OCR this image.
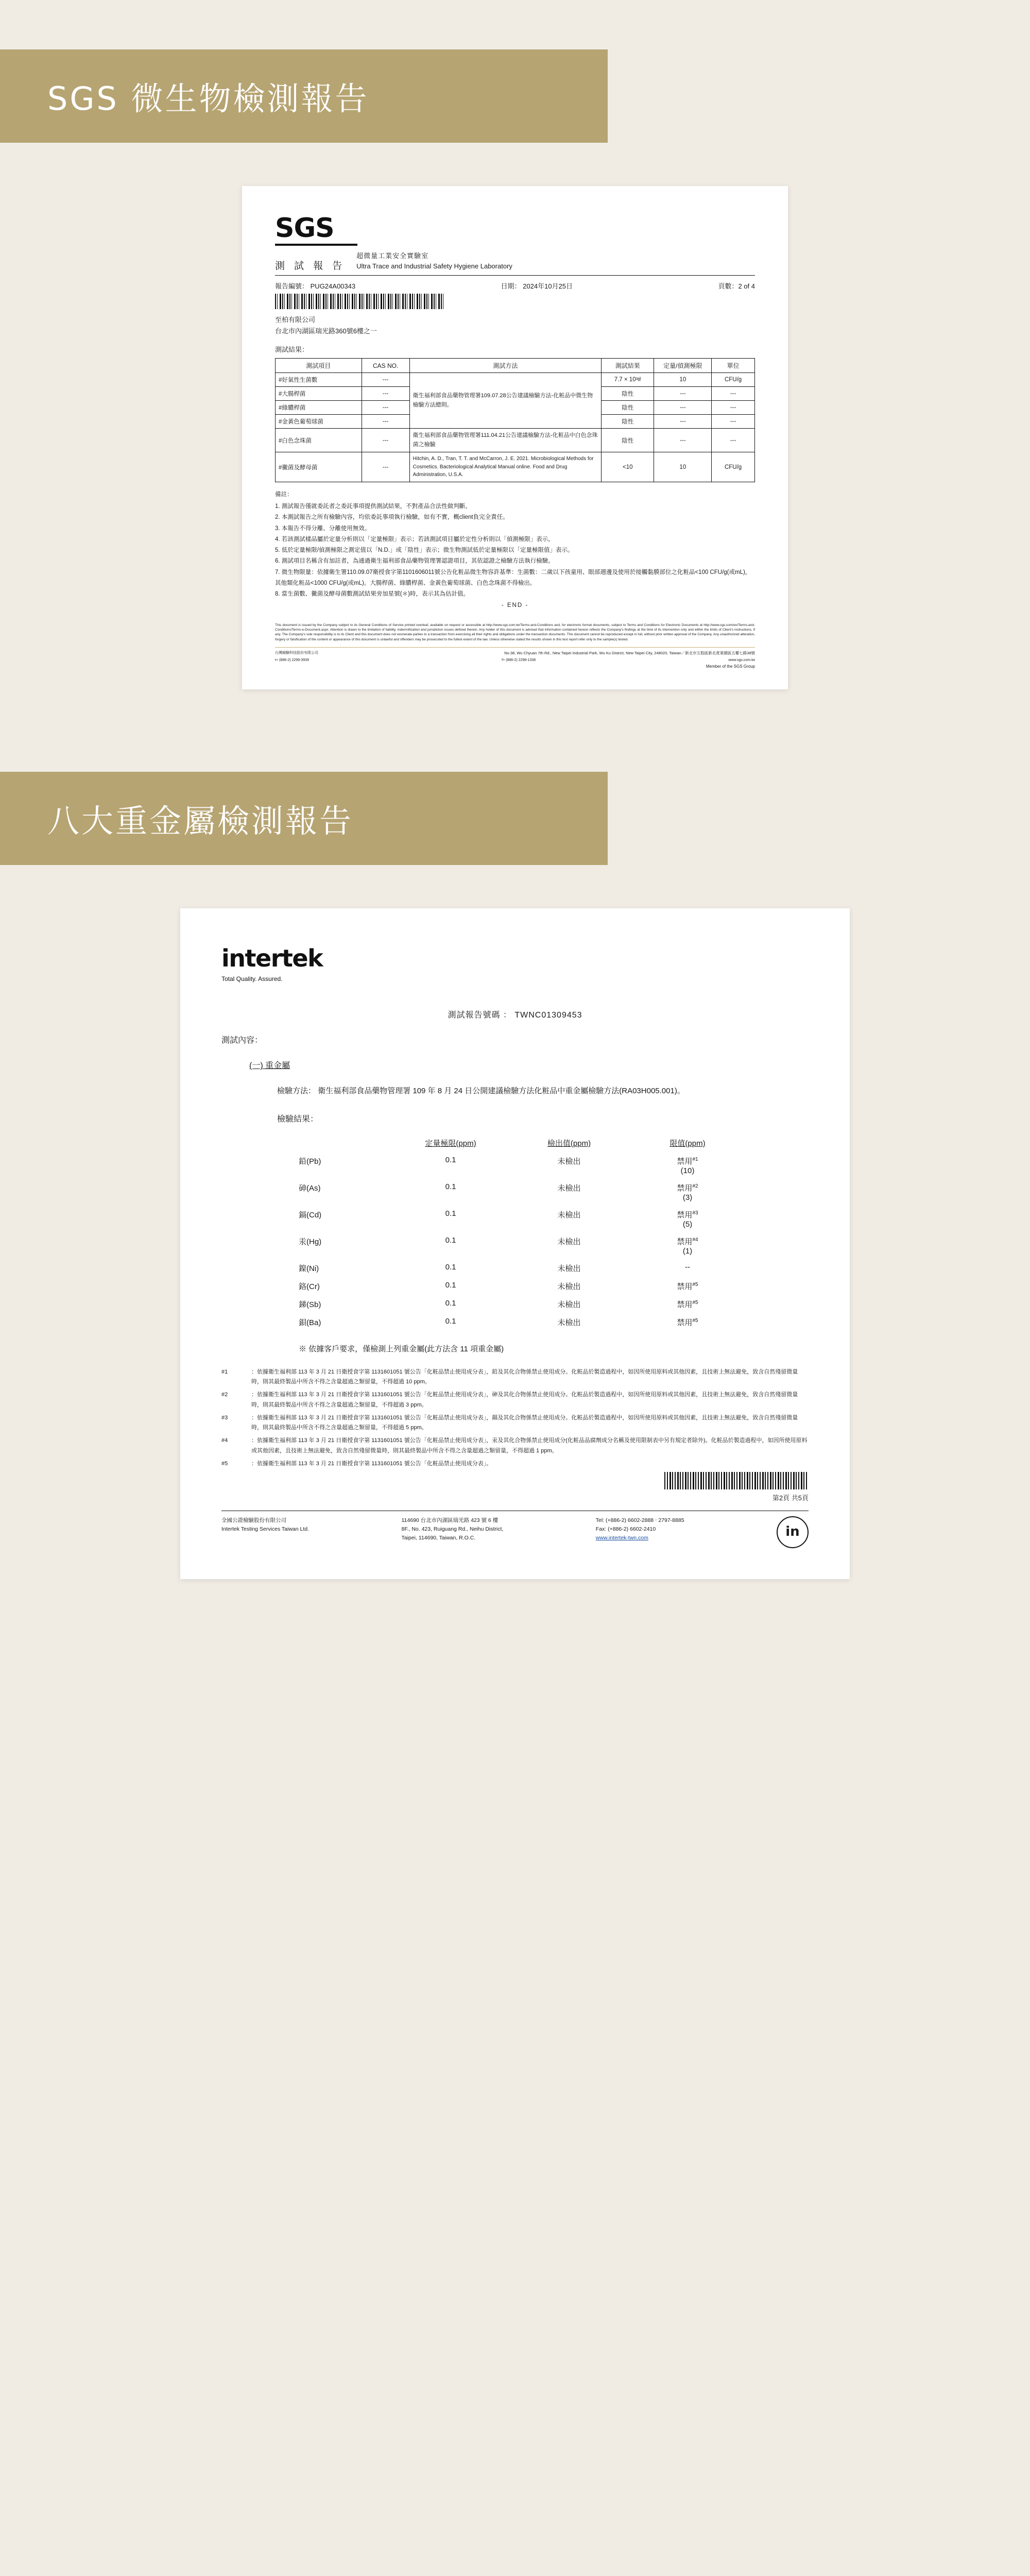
SGS 微生物檢測報告
SGS
測 試 報 告
超微量工業安全實驗室
Ultra Trace and Industrial Safety Hygiene Laboratory
報告編號： PUG24A00343	日期： 2024年10月25日	頁數：2 of 4
至柏有限公司
台北市內湖區瑞光路360號6樓之一
測試結果：
測試項目	CAS NO.	測試方法	測試結果	定量/偵測極限	單位
#好氣性生菌數	---	衛生福利部食品藥物管理署109.07.28公告建議檢驗方法-化粧品中微生物檢驗方法總則。	7.7 × 10³#	10	CFU/g
#大腸桿菌	---		陰性	---	---
#綠膿桿菌	---		陰性	---	---
#金黃色葡萄球菌	---		陰性	---	---
#白色念珠菌	---	衛生福利部食品藥物管理署111.04.21公告建議檢驗方法-化粧品中白色念珠菌之檢驗	陰性	---	---
#黴菌及酵母菌	---	Hitchin, A. D., Tran, T. T. and McCarron, J. E. 2021. Microbiological Methods for Cosmetics. Bacteriological Analytical Manual online. Food and Drug Administration, U.S.A.	<10	10	CFU/g
備註：
1. 測試報告僅就委託者之委託事項提供測試結果，不對產品合法性做判斷。
2. 本測試報告之所有檢驗內容，均依委託事項執行檢驗，如有不實，概client負完全責任。
3. 本報告不得分離、分離使用無效。
4. 若該測試樣品屬於定量分析則以「定量極限」表示；若該測試項目屬於定性分析則以「偵測極限」表示。
5. 低於定量極限/偵測極限之測定值以「N.D.」或「陰性」表示；微生物測試低於定量極限以「定量極限值」表示。
6. 測試項目名稱含有加註者，為通過衛生福利部食品藥物管理署認證項目，其依認證之檢驗方法執行檢驗。
7. 微生物限量：依據衛生署110.09.07衛授食字第1101606011號公告化粧品微生物容許基準：生菌數：二歲以下孩童用、眼部週邊及使用於接觸黏膜部位之化粧品<100 CFU/g(或mL)，其他類化粧品<1000 CFU/g(或mL)。大腸桿菌、綠膿桿菌、金黃色葡萄球菌、白色念珠菌不得檢出。
8. 當生菌數、黴菌及酵母菌數測試結果旁加星號(＊)時，表示其為估計值。
- END -
This document is issued by the Company subject to its General Conditions of Service printed overleaf, available on request or accessible at http://www.sgs.com.tw/Terms-and-Conditions and, for electronic format documents, subject to Terms and Conditions for Electronic Documents at http://www.sgs.com/en/Terms-and-Conditions/Terms-e-Document.aspx. Attention is drawn to the limitation of liability, indemnification and jurisdiction issues defined therein. Any holder of this document is advised that information contained hereon reflects the Company's findings at the time of its intervention only and within the limits of Client's instructions, if any. The Company's sole responsibility is to its Client and this document does not exonerate parties to a transaction from exercising all their rights and obligations under the transaction documents. This document cannot be reproduced except in full, without prior written approval of the Company. Any unauthorized alteration, forgery or falsification of the content or appearance of this document is unlawful and offenders may be prosecuted to the fullest extent of the law. Unless otherwise stated the results shown in this test report refer only to the sample(s) tested.
台灣檢驗科技股份有限公司	No.38, Wu Chyuan 7th Rd., New Taipei Industrial Park, Wu Ku District, New Taipei City, 248020, Taiwan／新北市五股區新北產業園區五權七路38號
t+ (886-2) 2299-3939	f+ (886-2) 2298-1338	www.sgs.com.tw
Member of the SGS Group
八大重金屬檢測報告
intertek
Total Quality. Assured.
測試報告號碼 ： TWNC01309453
測試內容：
(一) 重金屬
檢驗方法： 衛生福利部食品藥物管理署 109 年 8 月 24 日公開建議檢驗方法化粧品中重金屬檢驗方法(RA03H005.001)。
檢驗結果：
定量極限(ppm)	檢出值(ppm)	限值(ppm)
鉛(Pb)	0.1	未檢出	禁用$^{\#1}$
(10)
砷(As)	0.1	未檢出	禁用$^{\#2}$
(3)
鎘(Cd)	0.1	未檢出	禁用$^{\#3}$
(5)
汞(Hg)	0.1	未檢出	禁用$^{\#4}$
(1)
鎳(Ni)	0.1	未檢出	--
鉻(Cr)	0.1	未檢出	禁用$^{\#5}$
銻(Sb)	0.1	未檢出	禁用$^{\#5}$
鋇(Ba)	0.1	未檢出	禁用$^{\#5}$
※ 依據客戶要求，僅檢測上列重金屬(此方法含 11 項重金屬)

#1	：依據衛生福利部 113 年 3 月 21 日衛授食字第 1131601051 號公告「化粧品禁止使用成分表」，鉛及其化合物係禁止使用成分。化粧品於製造過程中，如因所使用原料或其他因素，且技術上無法避免，致含自然殘留微量時，則其最終製品中所含不得之含量超過之類留量，不得超過 10 ppm。

#2	：依據衛生福利部 113 年 3 月 21 日衛授食字第 1131601051 號公告「化粧品禁止使用成分表」，砷及其化合物係禁止使用成分。化粧品於製造過程中，如因所使用原料或其他因素，且技術上無法避免，致含自然殘留微量時，則其最終製品中所含不得之含量超過之類留量，不得超過 3 ppm。

#3	：依據衛生福利部 113 年 3 月 21 日衛授食字第 1131601051 號公告「化粧品禁止使用成分表」，鎘及其化合物係禁止使用成分。化粧品於製造過程中，如因所使用原料或其他因素，且技術上無法避免，致含自然殘留微量時，則其最終製品中所含不得之含量超過之類留量，不得超過 5 ppm。

#4	：依據衛生福利部 113 年 3 月 21 日衛授食字第 1131601051 號公告「化粧品禁止使用成分表」，汞及其化合物係禁止使用成分(化粧品品腐劑成分名稱及使用限制表中另有規定者除外)。化粧品於製造過程中，如因所使用原料或其他因素，且技術上無法避免，致含自然殘留微量時，則其最終製品中所含不得之含量超過之類留量，不得超過 1 ppm。

#5	：依據衛生福利部 113 年 3 月 21 日衛授食字第 1131601051 號公告「化粧品禁止使用成分表」。

第2頁 共5頁
全國公證檢驗股份有限公司
Intertek Testing Services Taiwan Ltd.
114690 台北市內湖區瑞光路 423 號 6 樓
8F., No. 423, Ruiguang Rd., Neihu District,
Taipei, 114690, Taiwan, R.O.C.
Tel: (+886-2) 6602-2888 ‧ 2797-8885
Fax: (+886-2) 6602-2410
www.intertek-twn.com	in
